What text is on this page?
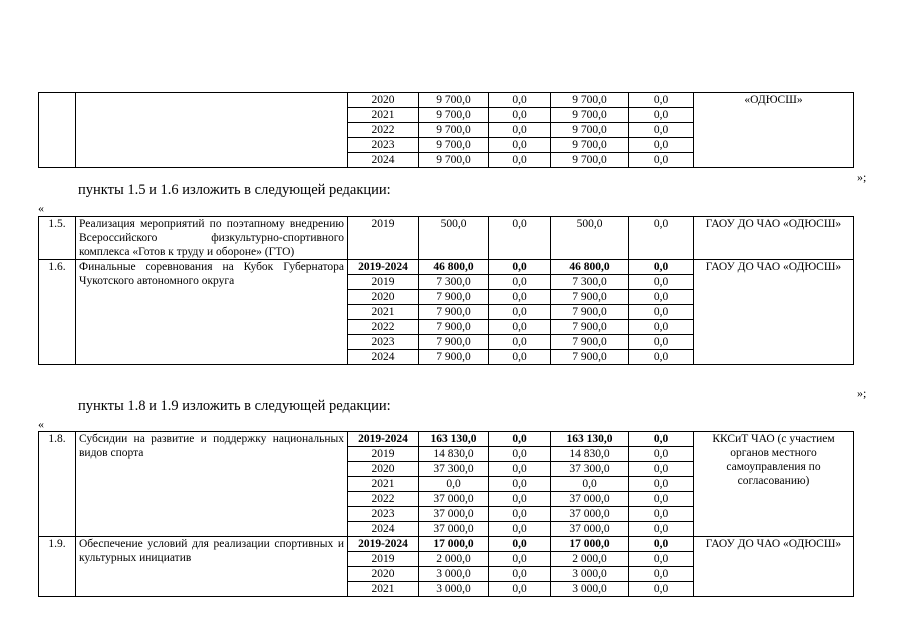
		2020	9 700,0	0,0	9 700,0	0,0	«ОДЮСШ»
		2021	9 700,0	0,0	9 700,0	0,0	
		2022	9 700,0	0,0	9 700,0	0,0	
		2023	9 700,0	0,0	9 700,0	0,0	
		2024	9 700,0	0,0	9 700,0	0,0	
»;
пункты 1.5 и 1.6 изложить в следующей редакции:
«
1.5.	Реализация мероприятий по поэтапному внедрению Всероссийского физкультурно-спортивного комплекса «Готов к труду и обороне» (ГТО)	2019	500,0	0,0	500,0	0,0	ГАОУ ДО ЧАО «ОДЮСШ»
1.6.	Финальные соревнования на Кубок Губернатора Чукотского автономного округа	2019-2024	46 800,0	0,0	46 800,0	0,0	ГАОУ ДО ЧАО «ОДЮСШ»
		2019	7 300,0	0,0	7 300,0	0,0	
		2020	7 900,0	0,0	7 900,0	0,0	
		2021	7 900,0	0,0	7 900,0	0,0	
		2022	7 900,0	0,0	7 900,0	0,0	
		2023	7 900,0	0,0	7 900,0	0,0	
		2024	7 900,0	0,0	7 900,0	0,0	
»;
пункты 1.8 и 1.9 изложить в следующей редакции:
«
1.8.	Субсидии на развитие и поддержку национальных видов спорта	2019-2024	163 130,0	0,0	163 130,0	0,0	ККСиТ ЧАО (с участием органов местного самоуправления по согласованию)
		2019	14 830,0	0,0	14 830,0	0,0	
		2020	37 300,0	0,0	37 300,0	0,0	
		2021	0,0	0,0	0,0	0,0	
		2022	37 000,0	0,0	37 000,0	0,0	
		2023	37 000,0	0,0	37 000,0	0,0	
		2024	37 000,0	0,0	37 000,0	0,0	
1.9.	Обеспечение условий для реализации спортивных и культурных инициатив	2019-2024	17 000,0	0,0	17 000,0	0,0	ГАОУ ДО ЧАО «ОДЮСШ»
		2019	2 000,0	0,0	2 000,0	0,0	
		2020	3 000,0	0,0	3 000,0	0,0	
		2021	3 000,0	0,0	3 000,0	0,0	
